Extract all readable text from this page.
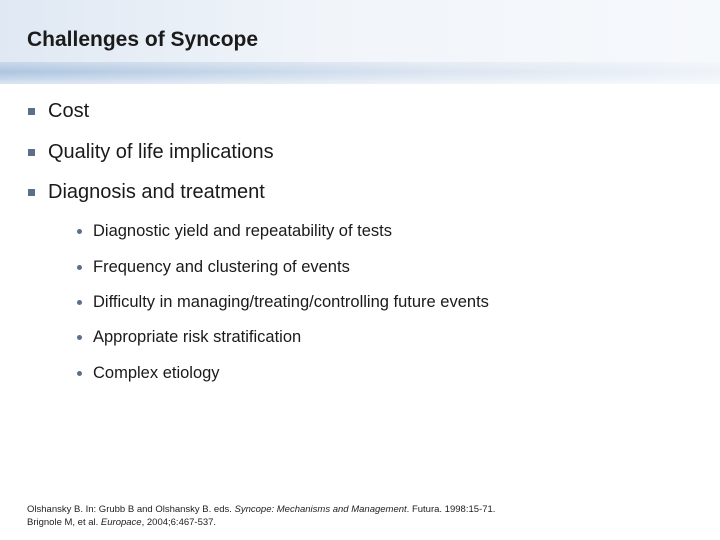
Challenges of Syncope
Cost
Quality of life implications
Diagnosis and treatment
Diagnostic yield and repeatability of tests
Frequency and clustering of events
Difficulty in managing/treating/controlling future events
Appropriate risk stratification
Complex etiology
Olshansky B. In: Grubb B and Olshansky B. eds. Syncope: Mechanisms and Management. Futura. 1998:15-71.
Brignole M, et al. Europace, 2004;6:467-537.
